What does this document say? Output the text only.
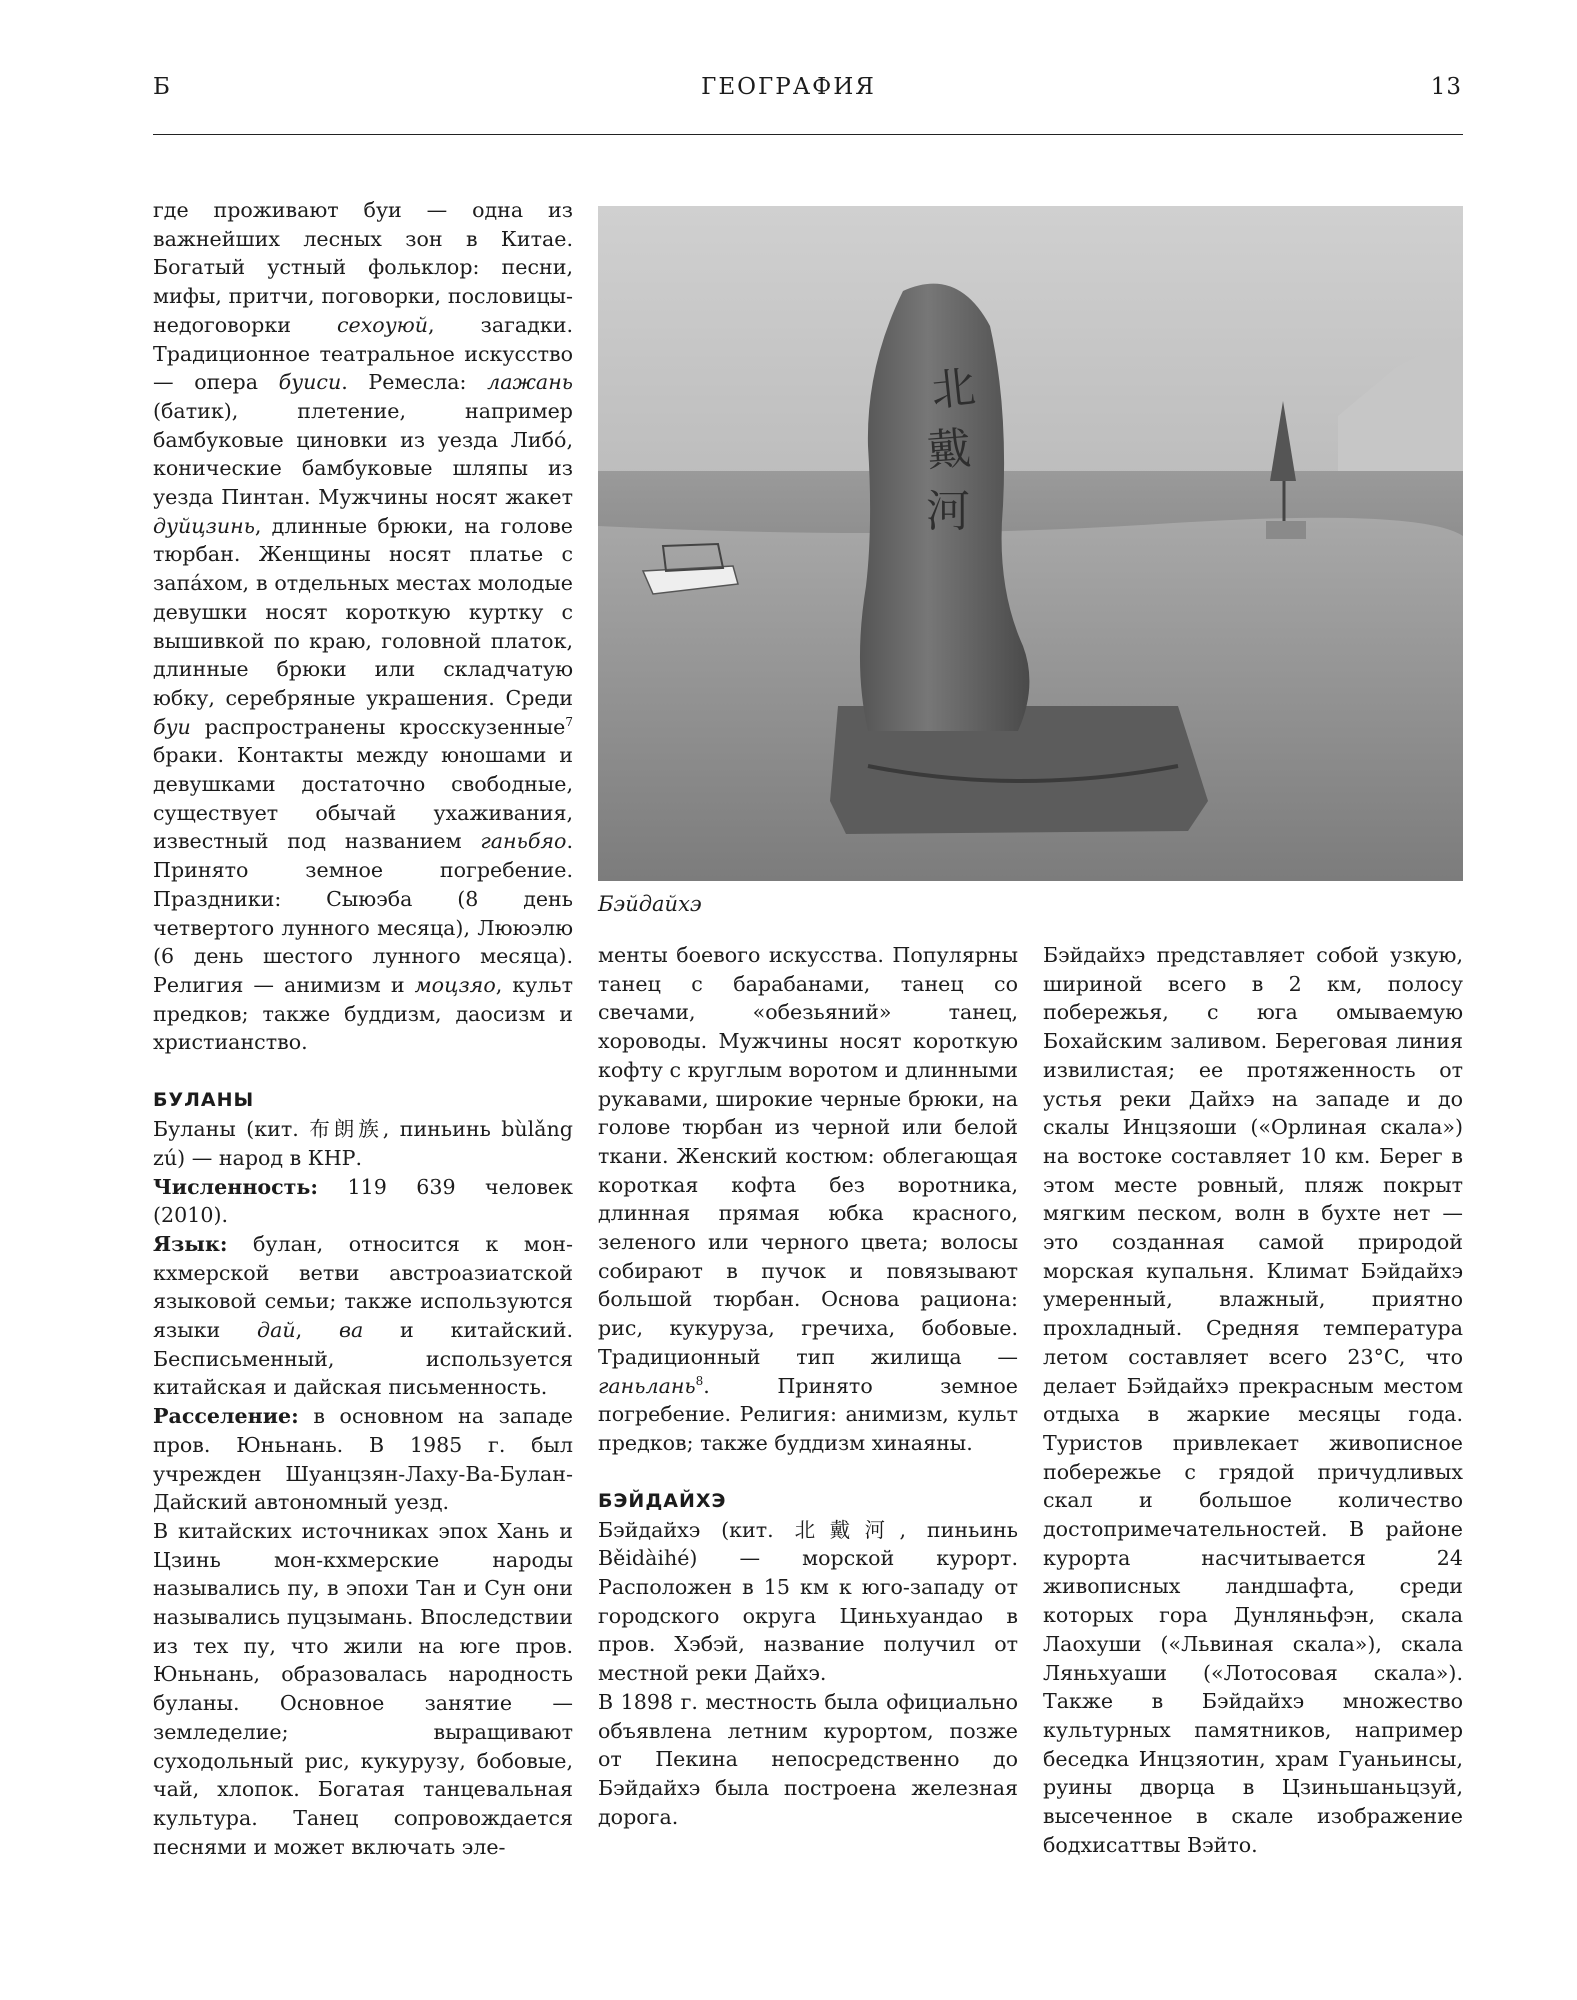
Б	ГЕОГРАФИЯ	13

где проживают буи — одна из важнейших лесных зон в Китае. Богатый устный фольклор: песни, мифы, притчи, поговорки, пословицы-недоговорки сехоуюй, загадки. Традиционное театральное искусство — опера буиси. Ремесла: лажань (батик), плетение, например бамбуковые циновки из уезда Либó, конические бамбуковые шляпы из уезда Пинтан. Мужчины носят жакет дуйцзинь, длинные брюки, на голове тюрбан. Женщины носят платье с запа́хом, в отдельных местах молодые девушки носят короткую куртку с вышивкой по краю, головной платок, длинные брюки или складчатую юбку, серебряные украшения. Среди буи распространены кросскузенные$^7$ браки. Контакты между юношами и девушками достаточно свободные, существует обычай ухаживания, известный под названием ганьбяо. Принято земное погребение. Праздники: Сыюэба (8 день четвертого лунного месяца), Лююэлю (6 день шестого лунного месяца). Религия — анимизм и моцзяо, культ предков; также буддизм, даосизм и христианство.

БУЛАНЫ

Буланы (кит. 布朗族, пиньинь bùlǎng zú) — народ в КНР.

Численность: 119 639 человек (2010).

Язык: булан, относится к мон-кхмерской ветви австроазиатской языковой семьи; также используются языки дай, ва и китайский. Бесписьменный, используется китайская и дайская письменность.

Расселение: в основном на западе пров. Юньнань. В 1985 г. был учрежден Шуанцзян-Лаху-Ва-Булан-Дайский автономный уезд.

В китайских источниках эпох Хань и Цзинь мон-кхмерские народы назывались пу, в эпохи Тан и Сун они назывались пуцзымань. Впоследствии из тех пу, что жили на юге пров. Юньнань, образовалась народность буланы. Основное занятие — земледелие; выращивают суходольный рис, кукурузу, бобовые, чай, хлопок. Богатая танцевальная культура. Танец сопровождается песнями и может включать эле-

北
戴
河
Бэйдайхэ

менты боевого искусства. Популярны танец с барабанами, танец со свечами, «обезьяний» танец, хороводы. Мужчины носят короткую кофту с круглым воротом и длинными рукавами, широкие черные брюки, на голове тюрбан из черной или белой ткани. Женский костюм: облегающая короткая кофта без воротника, длинная прямая юбка красного, зеленого или черного цвета; волосы собирают в пучок и повязывают большой тюрбан. Основа рациона: рис, кукуруза, гречиха, бобовые. Традиционный тип жилища — ганьлань$^8$. Принято земное погребение. Религия: анимизм, культ предков; также буддизм хинаяны.

БЭЙДАЙХЭ

Бэйдайхэ (кит. 北戴河, пиньинь Běidàihé) — морской курорт. Расположен в 15 км к юго-западу от городского округа Циньхуандао в пров. Хэбэй, название получил от местной реки Дайхэ.

В 1898 г. местность была официально объявлена летним курортом, позже от Пекина непосредственно до Бэйдайхэ была построена железная дорога.

Бэйдайхэ представляет собой узкую, шириной всего в 2 км, полосу побережья, с юга омываемую Бохайским заливом. Береговая линия извилистая; ее протяженность от устья реки Дайхэ на западе и до скалы Инцзяоши («Орлиная скала») на востоке составляет 10 км. Берег в этом месте ровный, пляж покрыт мягким песком, волн в бухте нет — это созданная самой природой морская купальня. Климат Бэйдайхэ умеренный, влажный, приятно прохладный. Средняя температура летом составляет всего 23°C, что делает Бэйдайхэ прекрасным местом отдыха в жаркие месяцы года. Туристов привлекает живописное побережье с грядой причудливых скал и большое количество достопримечательностей. В районе курорта насчитывается 24 живописных ландшафта, среди которых гора Дунляньфэн, скала Лаохуши («Львиная скала»), скала Ляньхуаши («Лотосовая скала»). Также в Бэйдайхэ множество культурных памятников, например беседка Инцзяотин, храм Гуаньинсы, руины дворца в Цзиньшаньцзуй, высеченное в скале изображение бодхисаттвы Вэйто.
